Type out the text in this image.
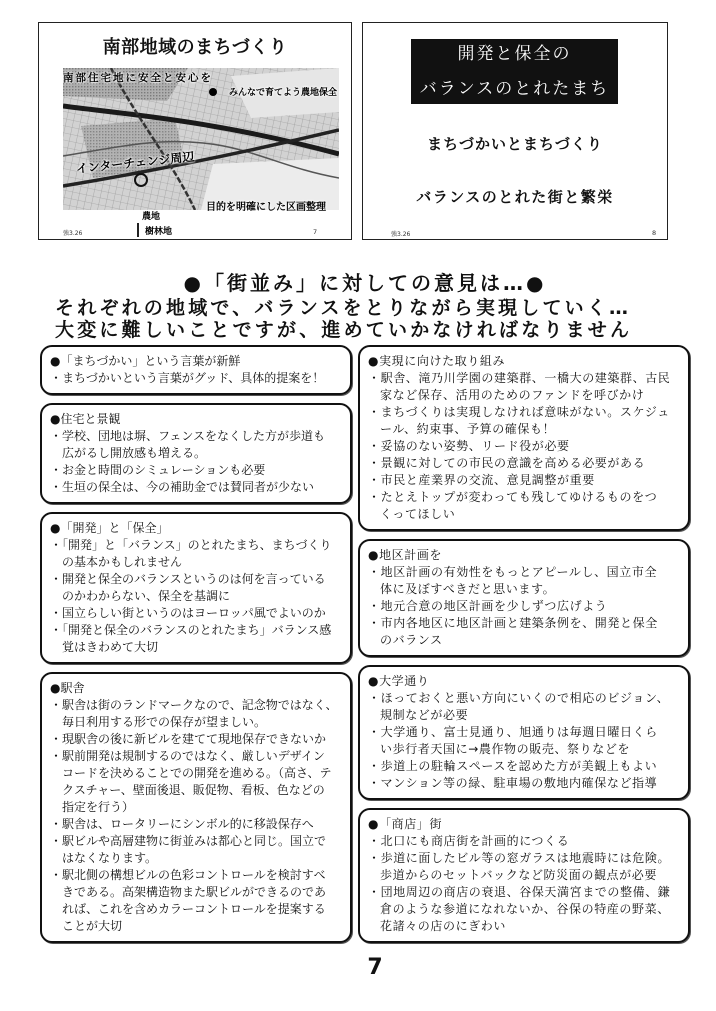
南部地域のまちづくり
南部住宅地に安全と安心を
みんなで育てよう農地保全
インターチェンジ周辺
目的を明確にした区画整理
農地
樹林地
強3.26	7
開発と保全の
バランスのとれたまち
まちづかいとまちづくり
バランスのとれた街と繁栄
強3.26	8
●「街並み」に対しての意見は…●
それぞれの地域で、バランスをとりながら実現していく…
大変に難しいことですが、進めていかなければなりません
●「まちづかい」という言葉が新鮮
・まちづかいという言葉がグッド、具体的提案を！
●住宅と景観
・学校、団地は塀、フェンスをなくした方が歩道も
広がるし開放感も増える。
・お金と時間のシミュレーションも必要
・生垣の保全は、今の補助金では賛同者が少ない
●「開発」と「保全」
・「開発」と「バランス」のとれたまち、まちづくり
の基本かもしれません
・開発と保全のバランスというのは何を言っている
のかわからない、保全を基調に
・国立らしい街というのはヨーロッパ風でよいのか
・「開発と保全のバランスのとれたまち」バランス感
覚はきわめて大切
●駅舎
・駅舎は街のランドマークなので、記念物ではなく、
毎日利用する形での保存が望ましい。
・現駅舎の後に新ビルを建てて現地保存できないか
・駅前開発は規制するのではなく、厳しいデザイン
コードを決めることでの開発を進める。（高さ、テ
クスチャー、壁面後退、販促物、看板、色などの
指定を行う）
・駅舎は、ロータリーにシンボル的に移設保存へ
・駅ビルや高層建物に街並みは都心と同じ。国立で
はなくなります。
・駅北側の構想ビルの色彩コントロールを検討すべ
きである。高架構造物また駅ビルができるのであ
れば、これを含めカラーコントロールを提案する
ことが大切
●実現に向けた取り組み
・駅舎、滝乃川学園の建築群、一橋大の建築群、古民
家など保存、活用のためのファンドを呼びかけ
・まちづくりは実現しなければ意味がない。スケジュ
ール、約束事、予算の確保も！
・妥協のない姿勢、リード役が必要
・景観に対しての市民の意識を高める必要がある
・市民と産業界の交流、意見調整が重要
・たとえトップが変わっても残してゆけるものをつ
くってほしい
●地区計画を
・地区計画の有効性をもっとアピールし、国立市全
体に及ぼすべきだと思います。
・地元合意の地区計画を少しずつ広げよう
・市内各地区に地区計画と建築条例を、開発と保全
のバランス
●大学通り
・ほっておくと悪い方向にいくので相応のビジョン、
規制などが必要
・大学通り、富士見通り、旭通りは毎週日曜日くら
い歩行者天国に→農作物の販売、祭りなどを
・歩道上の駐輪スペースを認めた方が美観上もよい
・マンション等の緑、駐車場の敷地内確保など指導
●「商店」街
・北口にも商店街を計画的につくる
・歩道に面したビル等の窓ガラスは地震時には危険。
歩道からのセットバックなど防災面の観点が必要
・団地周辺の商店の衰退、谷保天満宮までの整備、鎌
倉のような参道になれないか、谷保の特産の野菜、
花諸々の店のにぎわい
7
